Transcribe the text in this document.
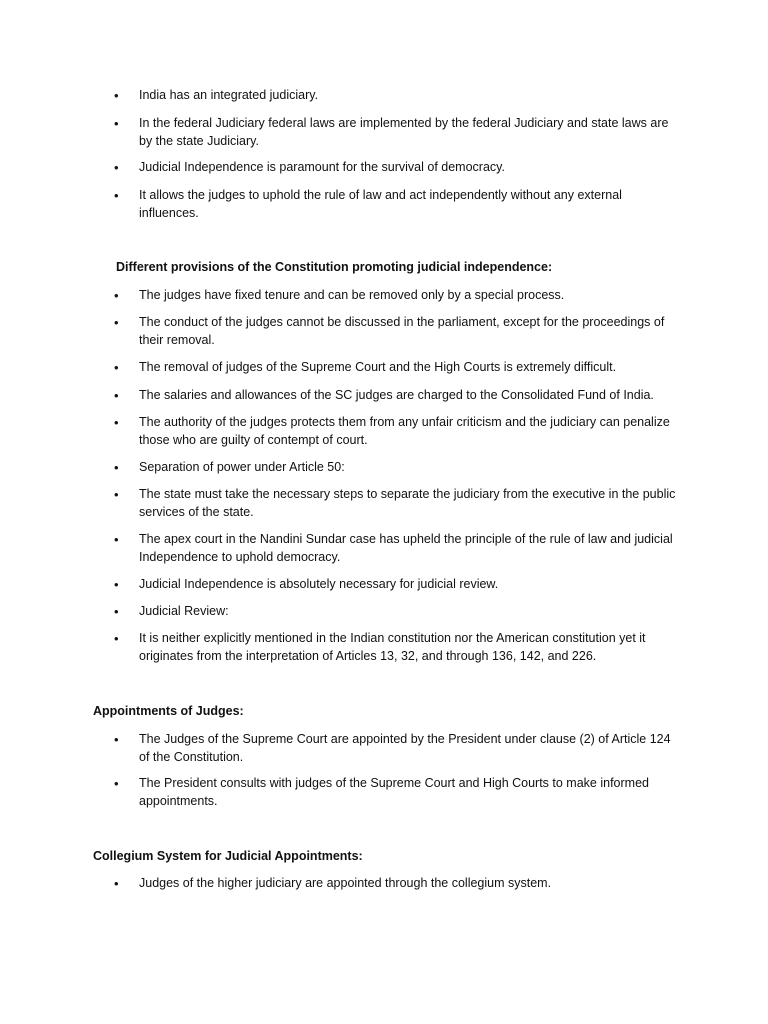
• India has an integrated judiciary.
• In the federal Judiciary federal laws are implemented by the federal Judiciary and state laws are by the state Judiciary.
• Judicial Independence is paramount for the survival of democracy.
• It allows the judges to uphold the rule of law and act independently without any external influences.
Different provisions of the Constitution promoting judicial independence:
• The judges have fixed tenure and can be removed only by a special process.
• The conduct of the judges cannot be discussed in the parliament, except for the proceedings of their removal.
• The removal of judges of the Supreme Court and the High Courts is extremely difficult.
• The salaries and allowances of the SC judges are charged to the Consolidated Fund of India.
• The authority of the judges protects them from any unfair criticism and the judiciary can penalize those who are guilty of contempt of court.
• Separation of power under Article 50:
• The state must take the necessary steps to separate the judiciary from the executive in the public services of the state.
• The apex court in the Nandini Sundar case has upheld the principle of the rule of law and judicial Independence to uphold democracy.
• Judicial Independence is absolutely necessary for judicial review.
• Judicial Review:
• It is neither explicitly mentioned in the Indian constitution nor the American constitution yet it originates from the interpretation of Articles 13, 32, and through 136, 142, and 226.
Appointments of Judges:
• The Judges of the Supreme Court are appointed by the President under clause (2) of Article 124 of the Constitution.
• The President consults with judges of the Supreme Court and High Courts to make informed appointments.
Collegium System for Judicial Appointments:
• Judges of the higher judiciary are appointed through the collegium system.
